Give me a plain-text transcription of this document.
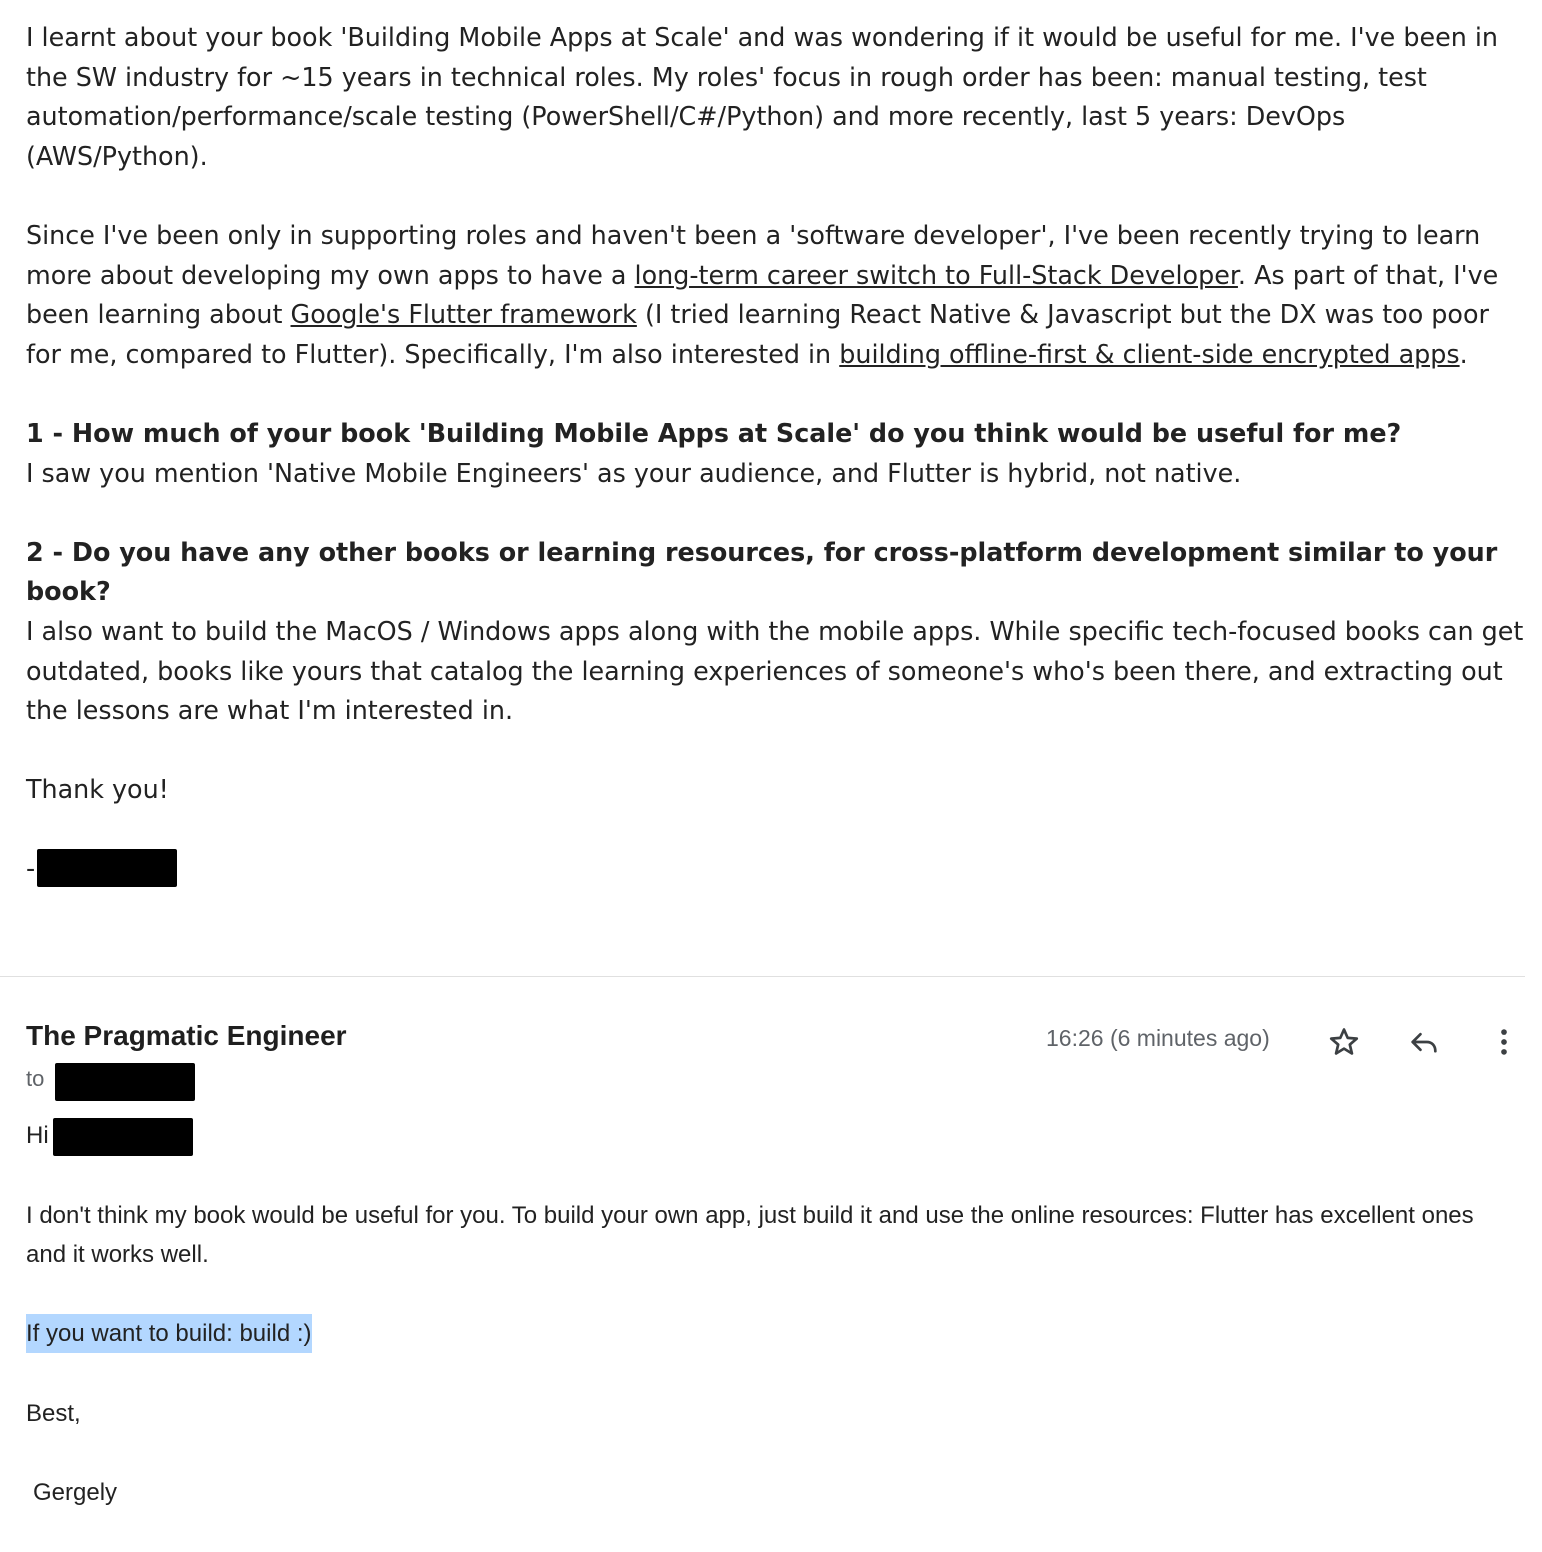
I learnt about your book 'Building Mobile Apps at Scale' and was wondering if it would be useful for me. I've been in the SW industry for ~15 years in technical roles. My roles' focus in rough order has been: manual testing, test automation/performance/scale testing (PowerShell/C#/Python) and more recently, last 5 years: DevOps (AWS/Python).

Since I've been only in supporting roles and haven't been a 'software developer', I've been recently trying to learn more about developing my own apps to have a long-term career switch to Full-Stack Developer. As part of that, I've been learning about Google's Flutter framework (I tried learning React Native & Javascript but the DX was too poor for me, compared to Flutter). Specifically, I'm also interested in building offline-first & client-side encrypted apps.

1 - How much of your book 'Building Mobile Apps at Scale' do you think would be useful for me?

I saw you mention 'Native Mobile Engineers' as your audience, and Flutter is hybrid, not native.

2 - Do you have any other books or learning resources, for cross-platform development similar to your book?

I also want to build the MacOS / Windows apps along with the mobile apps. While specific tech-focused books can get outdated, books like yours that catalog the learning experiences of someone's who's been there, and extracting out the lessons are what I'm interested in.

Thank you!

-
The Pragmatic Engineer
to
16:26 (6 minutes ago)
Hi

I don't think my book would be useful for you. To build your own app, just build it and use the online resources: Flutter has excellent ones and it works well.

If you want to build: build :)

Best,

Gergely
